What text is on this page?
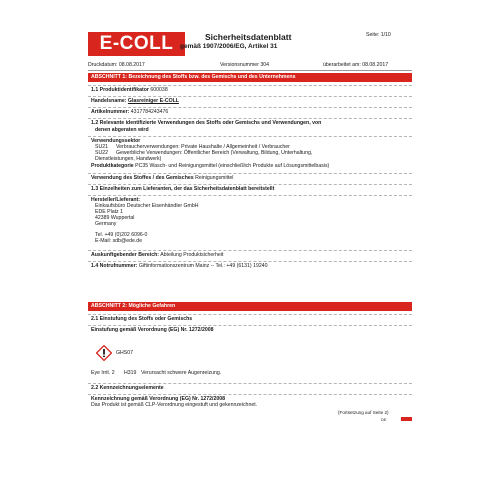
E-COLL	Sicherheitsdatenblatt
gemäß 1907/2006/EG, Artikel 31
Seite: 1/10
Druckdatum: 08.08.2017	Versionsnummer 304	überarbeitet am: 08.08.2017
ABSCHNITT 1: Bezeichnung des Stoffs bzw. des Gemischs und des Unternehmens
1.1 Produktidentifikator 600038
Handelsname: Glasreiniger E-COLL
Artikelnummer: 4317784243476
1.2 Relevante identifizierte Verwendungen des Stoffs oder Gemischs und Verwendungen, von
denen abgeraten wird
Verwendungssektor
SU21 Verbraucherverwendungen: Private Haushalte / Allgemeinheit / Verbraucher
SU22 Gewerbliche Verwendungen: Öffentlicher Bereich (Verwaltung, Bildung, Unterhaltung,
Dienstleistungen, Handwerk)
Produktkategorie PC35 Wasch- und Reinigungsmittel (einschließlich Produkte auf Lösungsmittelbasis)
Verwendung des Stoffes / des Gemisches Reinigungsmittel
1.3 Einzelheiten zum Lieferanten, der das Sicherheitsdatenblatt bereitstellt
Hersteller/Lieferant:
Einkaufsbüro Deutscher Eisenhändler GmbH
EDE Platz 1
42389 Wuppertal
Germany
Tel. +49 (0)202 6096-0
E-Mail: sdb@ede.de
Auskunftgebender Bereich: Abteilung Produktsicherheit
1.4 Notrufnummer: Giftinformationszentrum Mainz -- Tel.: +49 (6131) 19240
ABSCHNITT 2: Mögliche Gefahren
2.1 Einstufung des Stoffs oder Gemischs
Einstufung gemäß Verordnung (EG) Nr. 1272/2008
GHS07
Eye Irrit. 2 H319 Verursacht schwere Augenreizung.
2.2 Kennzeichnungselemente
Kennzeichnung gemäß Verordnung (EG) Nr. 1272/2008
Das Produkt ist gemäß CLP-Verordnung eingestuft und gekennzeichnet.
(Fortsetzung auf Seite 2)
DE
